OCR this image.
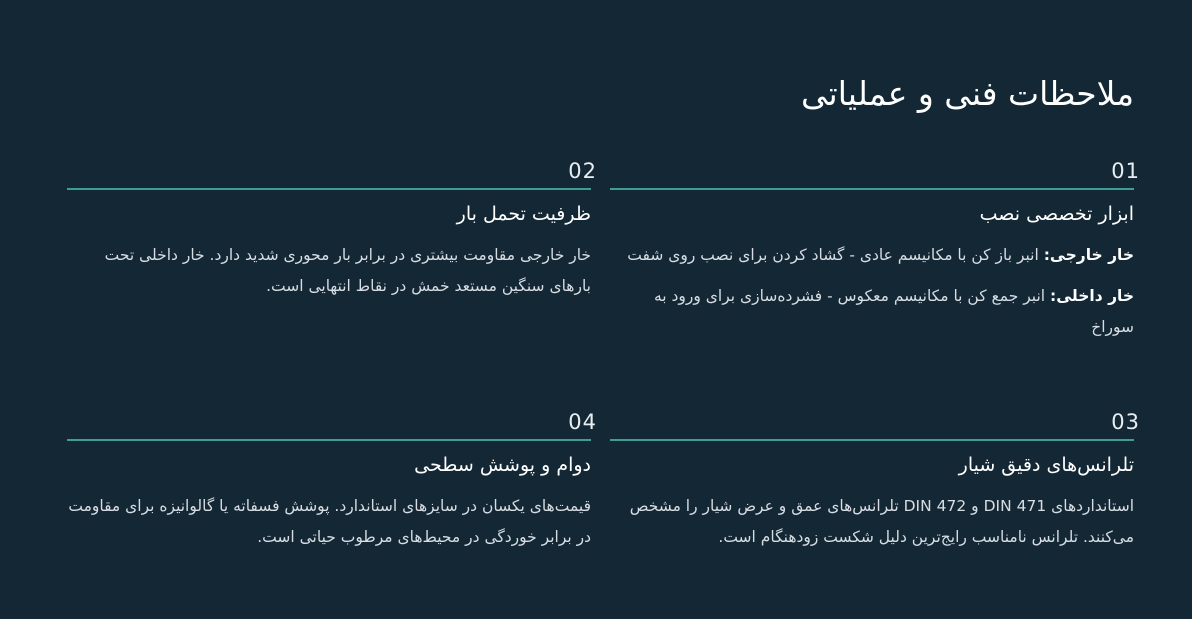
ملاحظات فنی و عملیاتی
01
ابزار تخصصی نصب

خار خارجی: انبر باز کن با مکانیسم عادی - گشاد کردن برای نصب روی شفت

خار داخلی: انبر جمع کن با مکانیسم معکوس - فشرده‌سازی برای ورود به سوراخ

02
ظرفیت تحمل بار

خار خارجی مقاومت بیشتری در برابر بار محوری شدید دارد. خار داخلی تحت بارهای سنگین مستعد خمش در نقاط انتهایی است.

03
تلرانس‌های دقیق شیار

استانداردهای DIN 471 و DIN 472 تلرانس‌های عمق و عرض شیار را مشخص می‌کنند. تلرانس نامناسب رایج‌ترین دلیل شکست زودهنگام است.

04
دوام و پوشش سطحی

قیمت‌های یکسان در سایزهای استاندارد. پوشش فسفاته یا گالوانیزه برای مقاومت در برابر خوردگی در محیط‌های مرطوب حیاتی است.
